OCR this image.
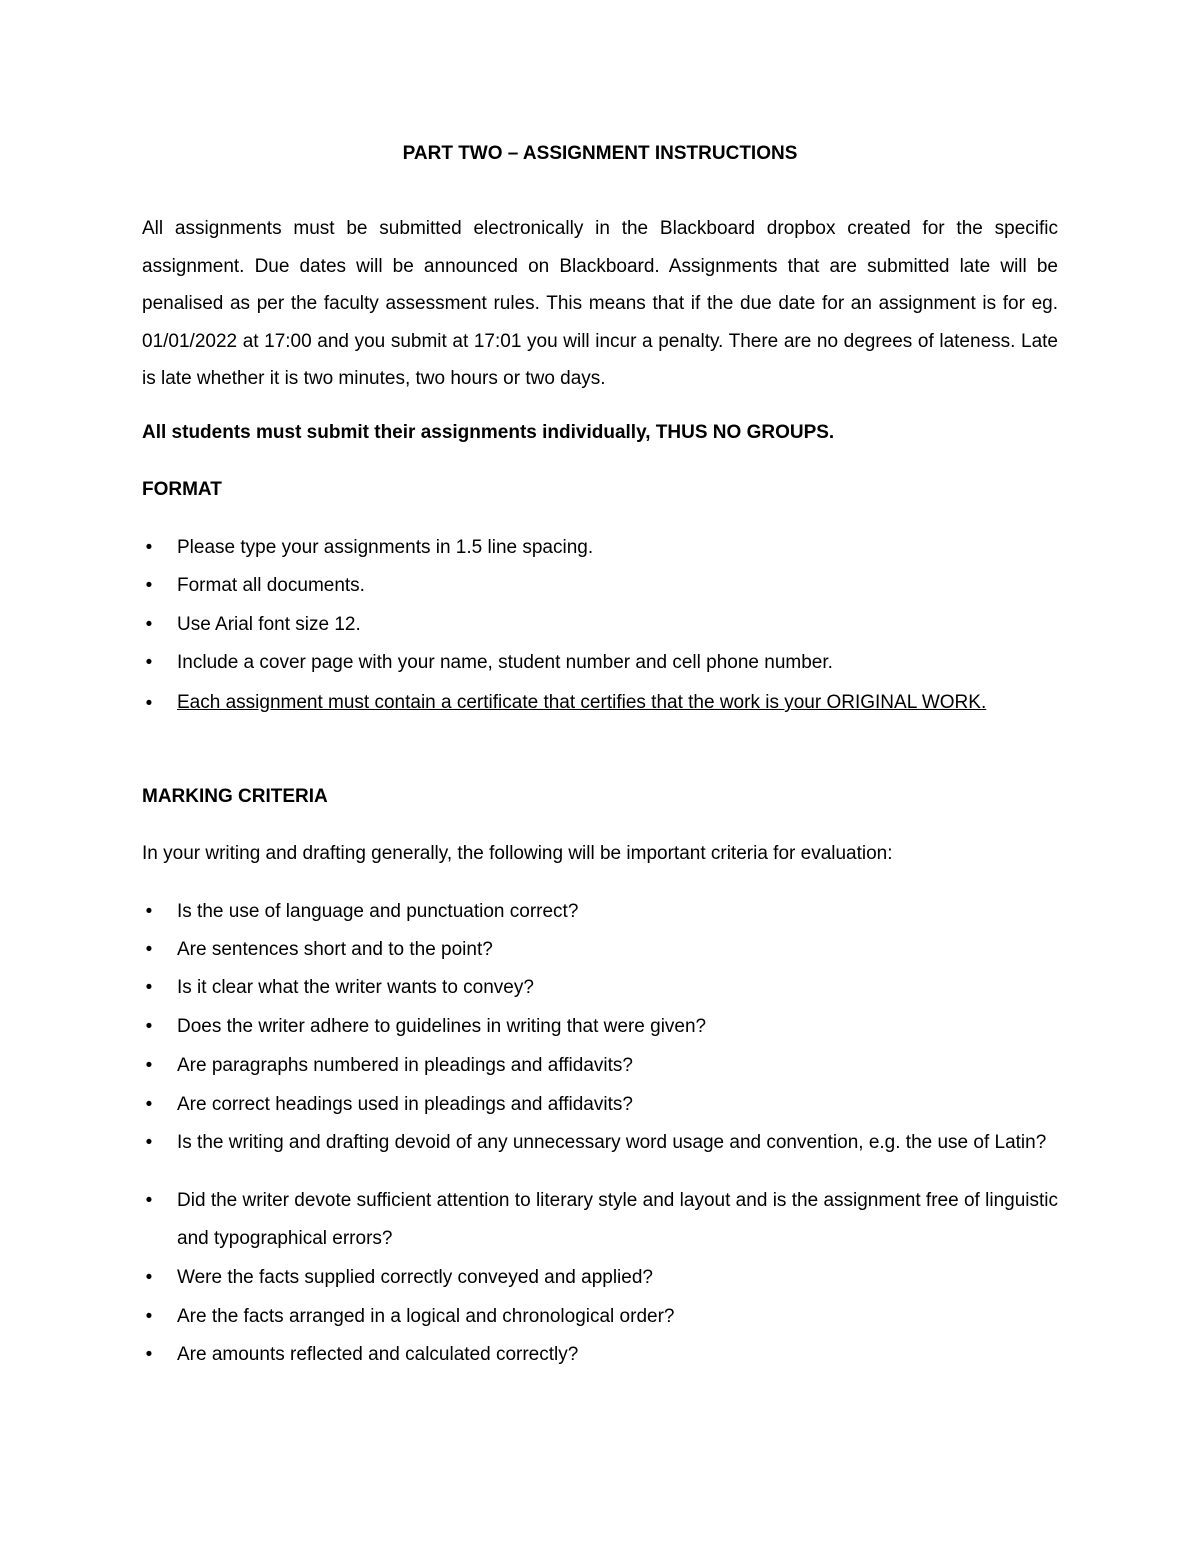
PART TWO – ASSIGNMENT INSTRUCTIONS
All assignments must be submitted electronically in the Blackboard dropbox created for the specific assignment. Due dates will be announced on Blackboard. Assignments that are submitted late will be penalised as per the faculty assessment rules. This means that if the due date for an assignment is for eg. 01/01/2022 at 17:00 and you submit at 17:01 you will incur a penalty. There are no degrees of lateness. Late is late whether it is two minutes, two hours or two days.
All students must submit their assignments individually, THUS NO GROUPS.
FORMAT
• Please type your assignments in 1.5 line spacing.
• Format all documents.
• Use Arial font size 12.
• Include a cover page with your name, student number and cell phone number.
• Each assignment must contain a certificate that certifies that the work is your ORIGINAL WORK.
MARKING CRITERIA
In your writing and drafting generally, the following will be important criteria for evaluation:
• Is the use of language and punctuation correct?
• Are sentences short and to the point?
• Is it clear what the writer wants to convey?
• Does the writer adhere to guidelines in writing that were given?
• Are paragraphs numbered in pleadings and affidavits?
• Are correct headings used in pleadings and affidavits?
• Is the writing and drafting devoid of any unnecessary word usage and convention, e.g. the use of Latin?
• Did the writer devote sufficient attention to literary style and layout and is the assignment free of linguistic and typographical errors?
• Were the facts supplied correctly conveyed and applied?
• Are the facts arranged in a logical and chronological order?
• Are amounts reflected and calculated correctly?
